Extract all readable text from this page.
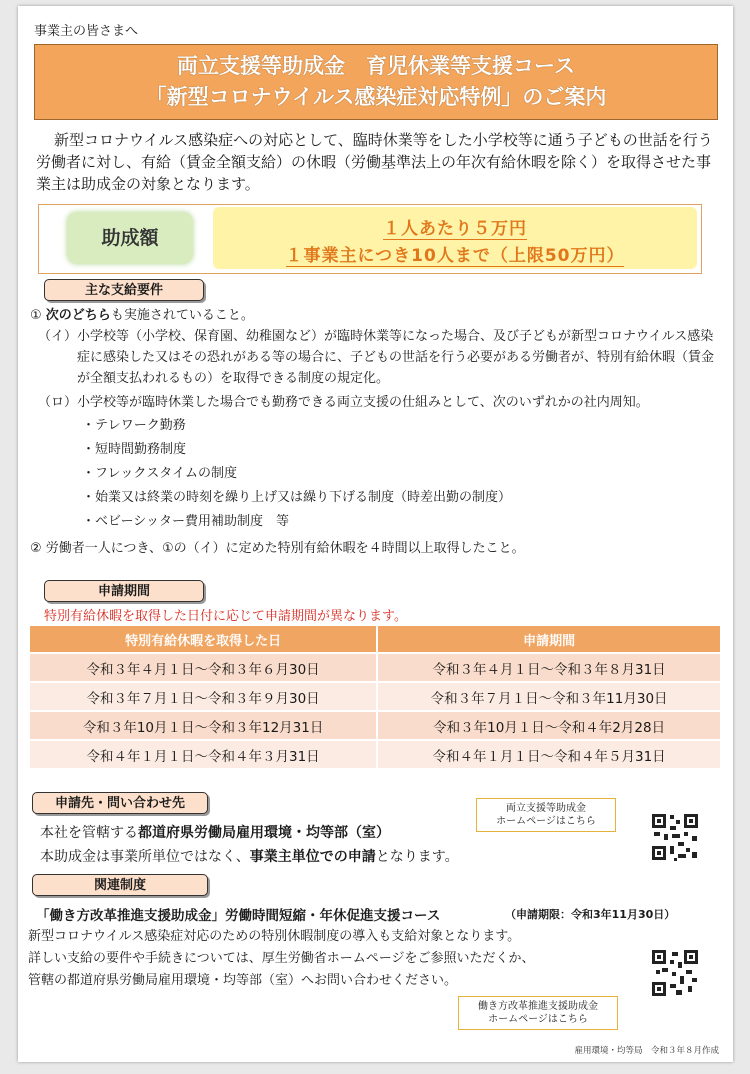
事業主の皆さまへ
両立支援等助成金　育児休業等支援コース
「新型コロナウイルス感染症対応特例」のご案内
新型コロナウイルス感染症への対応として、臨時休業等をした小学校等に通う子どもの世話を行う労働者に対し、有給（賃金全額支給）の休暇（労働基準法上の年次有給休暇を除く）を取得させた事業主は助成金の対象となります。
助成額	１人あたり５万円
１事業主につき10人まで（上限50万円）
主な支給要件
① 次のどちらも実施されていること。
（イ） 小学校等（小学校、保育園、幼稚園など）が臨時休業等になった場合、及び子どもが新型コロナウイルス感染症に感染した又はその恐れがある等の場合に、子どもの世話を行う必要がある労働者が、特別有給休暇（賃金が全額支払われるもの）を取得できる制度の規定化。
（ロ） 小学校等が臨時休業した場合でも勤務できる両立支援の仕組みとして、次のいずれかの社内周知。
・テレワーク勤務
・短時間勤務制度
・フレックスタイムの制度
・始業又は終業の時刻を繰り上げ又は繰り下げる制度（時差出勤の制度）
・ベビーシッター費用補助制度　等
② 労働者一人につき、①の（イ）に定めた特別有給休暇を４時間以上取得したこと。
申請期間
特別有給休暇を取得した日付に応じて申請期間が異なります。
特別有給休暇を取得した日	申請期間
令和３年４月１日～令和３年６月30日	令和３年４月１日～令和３年８月31日
令和３年７月１日～令和３年９月30日	令和３年７月１日～令和３年11月30日
令和３年10月１日～令和３年12月31日	令和３年10月１日～令和４年2月28日
令和４年１月１日～令和４年３月31日	令和４年１月１日～令和４年５月31日
申請先・問い合わせ先
本社を管轄する都道府県労働局雇用環境・均等部（室）
本助成金は事業所単位ではなく、事業主単位での申請となります。
両立支援等助成金
ホームページはこちら
関連制度
「働き方改革推進支援助成金」労働時間短縮・年休促進支援コース	（申請期限：令和3年11月30日）
新型コロナウイルス感染症対応のための特別休暇制度の導入も支給対象となります。
詳しい支給の要件や手続きについては、厚生労働省ホームページをご参照いただくか、
管轄の都道府県労働局雇用環境・均等部（室）へお問い合わせください。
働き方改革推進支援助成金
ホームページはこちら
雇用環境・均等局　令和３年８月作成
